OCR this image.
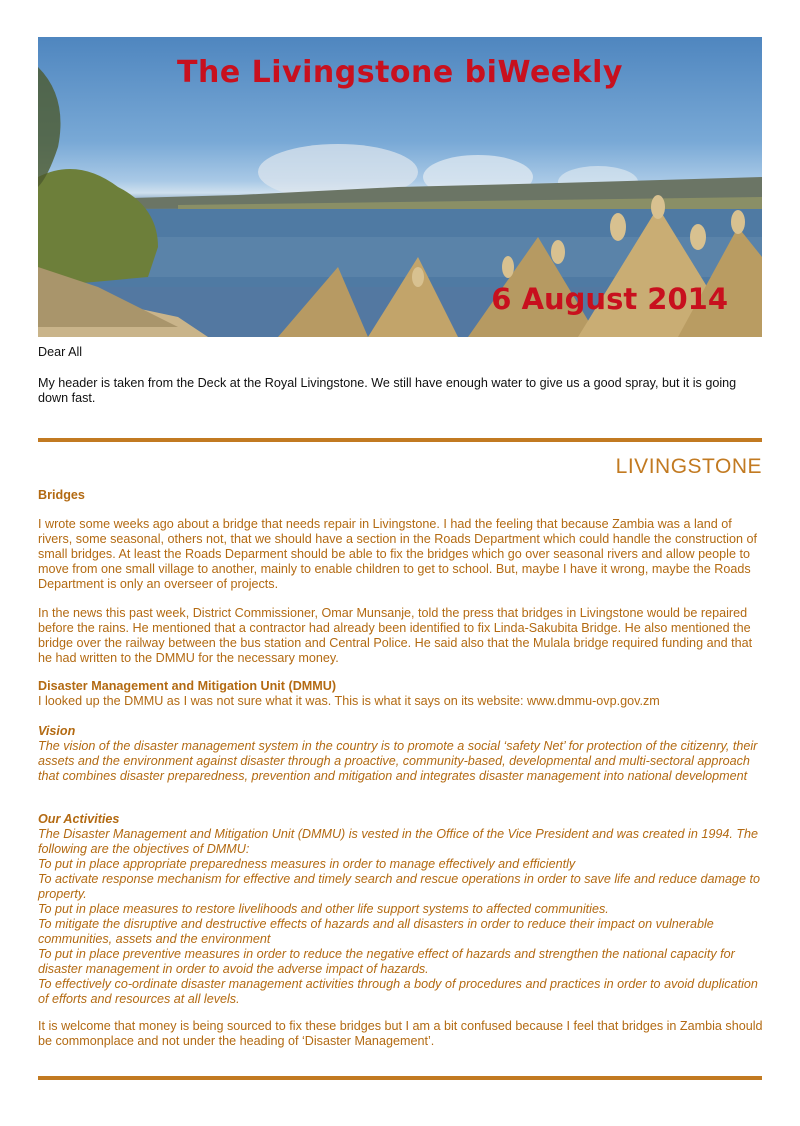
The Livingstone biWeekly
6 August 2014

Dear All

My header is taken from the Deck at the Royal Livingstone. We still have enough water to give us a good spray, but it is going down fast.

LIVINGSTONE

Bridges

I wrote some weeks ago about a bridge that needs repair in Livingstone. I had the feeling that because Zambia was a land of rivers, some seasonal, others not, that we should have a section in the Roads Department which could handle the construction of small bridges. At least the Roads Deparment should be able to fix the bridges which go over seasonal rivers and allow people to move from one small village to another, mainly to enable children to get to school. But, maybe I have it wrong, maybe the Roads Department is only an overseer of projects.

In the news this past week, District Commissioner, Omar Munsanje, told the press that bridges in Livingstone would be repaired before the rains. He mentioned that a contractor had already been identified to fix Linda-Sakubita Bridge. He also mentioned the bridge over the railway between the bus station and Central Police. He said also that the Mulala bridge required funding and that he had written to the DMMU for the necessary money.

Disaster Management and Mitigation Unit (DMMU)

I looked up the DMMU as I was not sure what it was. This is what it says on its website: www.dmmu-ovp.gov.zm

Vision

The vision of the disaster management system in the country is to promote a social ‘safety Net’ for protection of the citizenry, their assets and the environment against disaster through a proactive, community-based, developmental and multi-sectoral approach that combines disaster preparedness, prevention and mitigation and integrates disaster management into national development

Our Activities

The Disaster Management and Mitigation Unit (DMMU) is vested in the Office of the Vice President and was created in 1994. The following are the objectives of DMMU:
To put in place appropriate preparedness measures in order to manage effectively and efficiently
To activate response mechanism for effective and timely search and rescue operations in order to save life and reduce damage to property.
To put in place measures to restore livelihoods and other life support systems to affected communities.
To mitigate the disruptive and destructive effects of hazards and all disasters in order to reduce their impact on vulnerable communities, assets and the environment
To put in place preventive measures in order to reduce the negative effect of hazards and strengthen the national capacity for disaster management in order to avoid the adverse impact of hazards.
To effectively co-ordinate disaster management activities through a body of procedures and practices in order to avoid duplication of efforts and resources at all levels.

It is welcome that money is being sourced to fix these bridges but I am a bit confused because I feel that bridges in Zambia should be commonplace and not under the heading of ‘Disaster Management’.
